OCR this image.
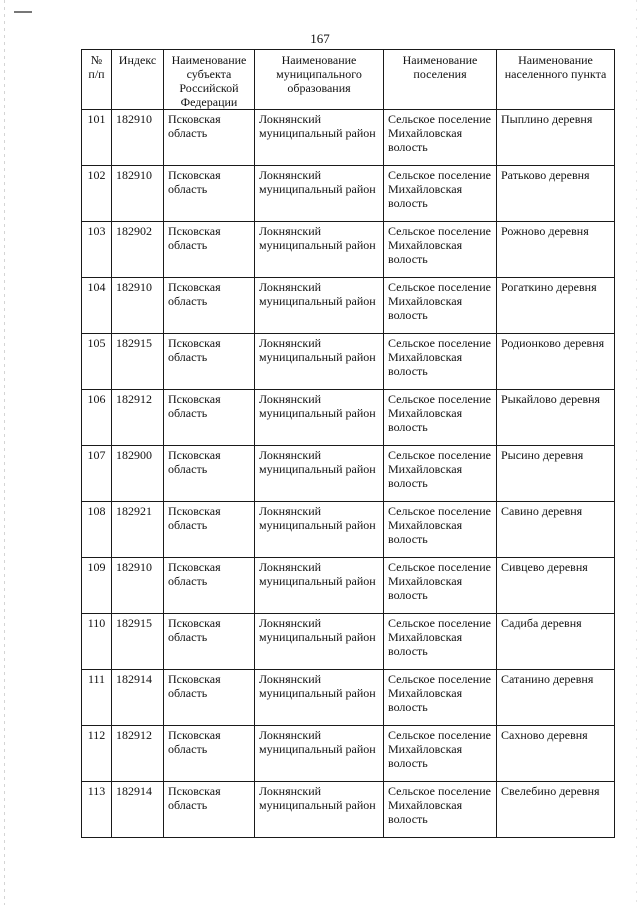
167
№ п/п	Индекс	Наименование субъекта Российской Федерации	Наименование муниципального образования	Наименование поселения	Наименование населенного пункта
101	182910	Псковская область	Локнянский муниципальный район	Сельское поселение Михайловская волость	Пыплино деревня
102	182910	Псковская область	Локнянский муниципальный район	Сельское поселение Михайловская волость	Ратьково деревня
103	182902	Псковская область	Локнянский муниципальный район	Сельское поселение Михайловская волость	Рожново деревня
104	182910	Псковская область	Локнянский муниципальный район	Сельское поселение Михайловская волость	Рогаткино деревня
105	182915	Псковская область	Локнянский муниципальный район	Сельское поселение Михайловская волость	Родионково деревня
106	182912	Псковская область	Локнянский муниципальный район	Сельское поселение Михайловская волость	Рыкайлово деревня
107	182900	Псковская область	Локнянский муниципальный район	Сельское поселение Михайловская волость	Рысино деревня
108	182921	Псковская область	Локнянский муниципальный район	Сельское поселение Михайловская волость	Савино деревня
109	182910	Псковская область	Локнянский муниципальный район	Сельское поселение Михайловская волость	Сивцево деревня
110	182915	Псковская область	Локнянский муниципальный район	Сельское поселение Михайловская волость	Садиба деревня
111	182914	Псковская область	Локнянский муниципальный район	Сельское поселение Михайловская волость	Сатанино деревня
112	182912	Псковская область	Локнянский муниципальный район	Сельское поселение Михайловская волость	Сахново деревня
113	182914	Псковская область	Локнянский муниципальный район	Сельское поселение Михайловская волость	Свелебино деревня
